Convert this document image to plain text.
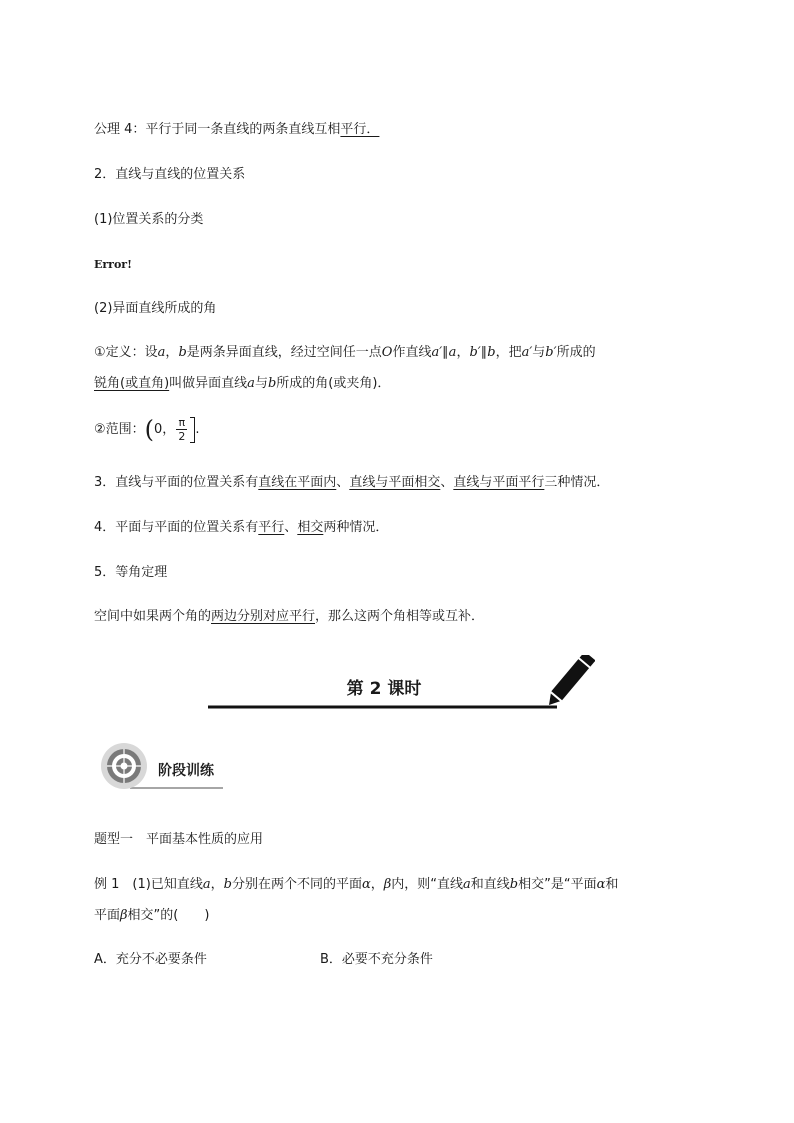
公理 4：平行于同一条直线的两条直线互相平行．
2．直线与直线的位置关系
(1)位置关系的分类
Error!
(2)异面直线所成的角
①定义：设a，b是两条异面直线，经过空间任一点O作直线a′∥a，b′∥b，把a′与b′所成的
锐角(或直角)叫做异面直线a与b所成的角(或夹角)．
②范围：(0， $\frac{\pi}{2}$ .
3．直线与平面的位置关系有直线在平面内、直线与平面相交、直线与平面平行三种情况．
4．平面与平面的位置关系有平行、相交两种情况．
5．等角定理
空间中如果两个角的两边分别对应平行，那么这两个角相等或互补．
第 2 课时
阶段训练
题型一　平面基本性质的应用
例 1　(1)已知直线a，b分别在两个不同的平面α，β内，则“直线a和直线b相交”是“平面α和
平面β相交”的(　　)
A．充分不必要条件	B．必要不充分条件
